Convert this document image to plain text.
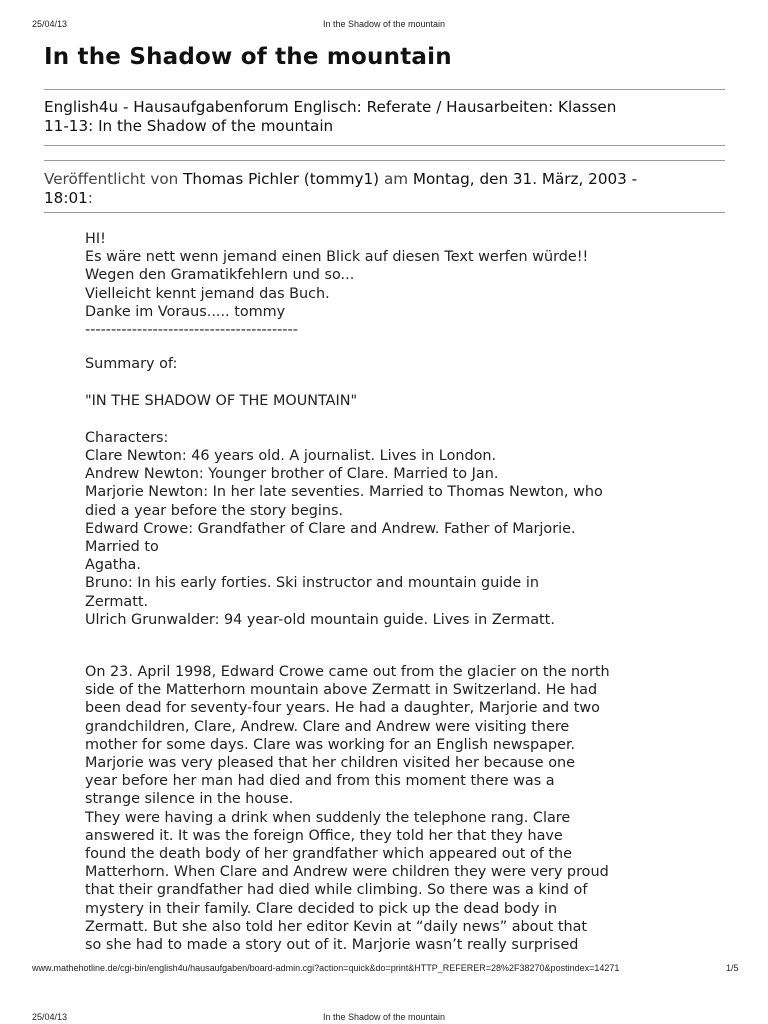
25/04/13	In the Shadow of the mountain
In the Shadow of the mountain

English4u - Hausaufgabenforum Englisch: Referate / Hausarbeiten: Klassen
11-13: In the Shadow of the mountain

Veröffentlicht von Thomas Pichler (tommy1) am Montag, den 31. März, 2003 -
18:01:

HI!
Es wäre nett wenn jemand einen Blick auf diesen Text werfen würde!!
Wegen den Gramatikfehlern und so...
Vielleicht kennt jemand das Buch.
Danke im Voraus..... tommy
-----------------------------------------
Summary of:
"IN THE SHADOW OF THE MOUNTAIN"
Characters:
Clare Newton: 46 years old. A journalist. Lives in London.
Andrew Newton: Younger brother of Clare. Married to Jan.
Marjorie Newton: In her late seventies. Married to Thomas Newton, who
died a year before the story begins.
Edward Crowe: Grandfather of Clare and Andrew. Father of Marjorie.
Married to
Agatha.
Bruno: In his early forties. Ski instructor and mountain guide in
Zermatt.
Ulrich Grunwalder: 94 year-old mountain guide. Lives in Zermatt.
On 23. April 1998, Edward Crowe came out from the glacier on the north
side of the Matterhorn mountain above Zermatt in Switzerland. He had
been dead for seventy-four years. He had a daughter, Marjorie and two
grandchildren, Clare, Andrew. Clare and Andrew were visiting there
mother for some days. Clare was working for an English newspaper.
Marjorie was very pleased that her children visited her because one
year before her man had died and from this moment there was a
strange silence in the house.
They were having a drink when suddenly the telephone rang. Clare
answered it. It was the foreign Office, they told her that they have
found the death body of her grandfather which appeared out of the
Matterhorn. When Clare and Andrew were children they were very proud
that their grandfather had died while climbing. So there was a kind of
mystery in their family. Clare decided to pick up the dead body in
Zermatt. But she also told her editor Kevin at “daily news” about that
so she had to made a story out of it. Marjorie wasn’t really surprised
www.mathehotline.de/cgi-bin/english4u/hausaufgaben/board-admin.cgi?action=quick&do=print&HTTP_REFERER=28%2F38270&postindex=14271	1/5
25/04/13	In the Shadow of the mountain
